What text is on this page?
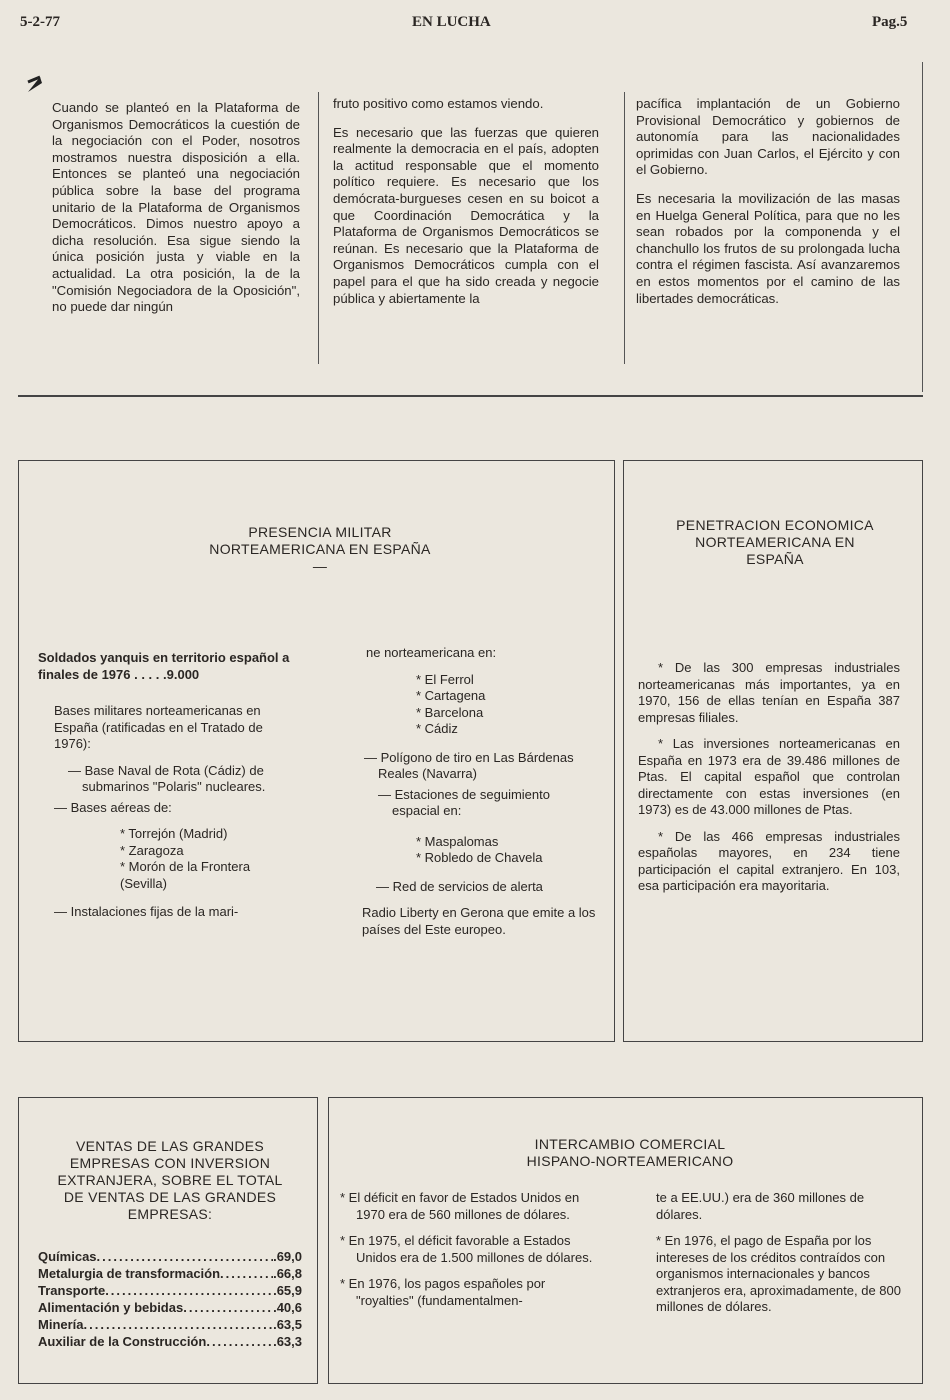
5-2-77	EN LUCHA	Pag.5

Cuando se planteó en la Plataforma de Organismos Democráticos la cuestión de la negociación con el Poder, nosotros mostramos nuestra disposición a ella. Entonces se planteó una negociación pública sobre la base del programa unitario de la Plataforma de Organismos Democráticos. Dimos nuestro apoyo a dicha resolución. Esa sigue siendo la única posición justa y viable en la actualidad. La otra posición, la de la "Comisión Negociadora de la Oposición", no puede dar ningún

fruto positivo como estamos viendo.

Es necesario que las fuerzas que quieren realmente la democracia en el país, adopten la actitud responsable que el momento político requiere. Es necesario que los demócrata-burgueses cesen en su boicot a que Coordinación Democrática y la Plataforma de Organismos Democráticos se reúnan. Es necesario que la Plataforma de Organismos Democráticos cumpla con el papel para el que ha sido creada y negocie pública y abiertamente la

pacífica implantación de un Gobierno Provisional Democrático y gobiernos de autonomía para las nacionalidades oprimidas con Juan Carlos, el Ejército y con el Gobierno.

Es necesaria la movilización de las masas en Huelga General Política, para que no les sean robados por la componenda y el chanchullo los frutos de su prolongada lucha contra el régimen fascista. Así avanzaremos en estos momentos por el camino de las libertades democráticas.

PRESENCIA MILITAR
NORTEAMERICANA EN ESPAÑA
—

Soldados yanquis en territorio español a finales de 1976 . . . . .9.000

Bases militares norteamericanas en España (ratificadas en el Tratado de 1976):

— Base Naval de Rota (Cádiz) de submarinos "Polaris" nucleares.

— Bases aéreas de:

* Torrejón (Madrid)
* Zaragoza
* Morón de la Frontera (Sevilla)

— Instalaciones fijas de la mari-

ne norteamericana en:

* El Ferrol
* Cartagena
* Barcelona
* Cádiz

— Polígono de tiro en Las Bárdenas Reales (Navarra)

— Estaciones de seguimiento espacial en:

* Maspalomas
* Robledo de Chavela

— Red de servicios de alerta

Radio Liberty en Gerona que emite a los países del Este europeo.

PENETRACION ECONOMICA
NORTEAMERICANA EN
ESPAÑA

* De las 300 empresas industriales norteamericanas más importantes, ya en 1970, 156 de ellas tenían en España 387 empresas filiales.

* Las inversiones norteamericanas en España en 1973 era de 39.486 millones de Ptas. El capital español que controlan directamente con estas inversiones (en 1973) es de 43.000 millones de Ptas.

* De las 466 empresas industriales españolas mayores, en 234 tiene participación el capital extranjero. En 103, esa participación era mayoritaria.

VENTAS DE LAS GRANDES
EMPRESAS CON INVERSION
EXTRANJERA, SOBRE EL TOTAL
DE VENTAS DE LAS GRANDES
EMPRESAS:
Químicas .....	.69,0
Metalurgia de transformación .....	.66,8
Transporte .....	.65,9
Alimentación y bebidas .....	.40,6
Minería .....	.63,5
Auxiliar de la Construcción .....	.63,3
INTERCAMBIO COMERCIAL
HISPANO-NORTEAMERICANO

* El déficit en favor de Estados Unidos en 1970 era de 560 millones de dólares.

* En 1975, el déficit favorable a Estados Unidos era de 1.500 millones de dólares.

* En 1976, los pagos españoles por "royalties" (fundamentalmen-

te a EE.UU.) era de 360 millones de dólares.

* En 1976, el pago de España por los intereses de los créditos contraídos con organismos internacionales y bancos extranjeros era, aproximadamente, de 800 millones de dólares.
